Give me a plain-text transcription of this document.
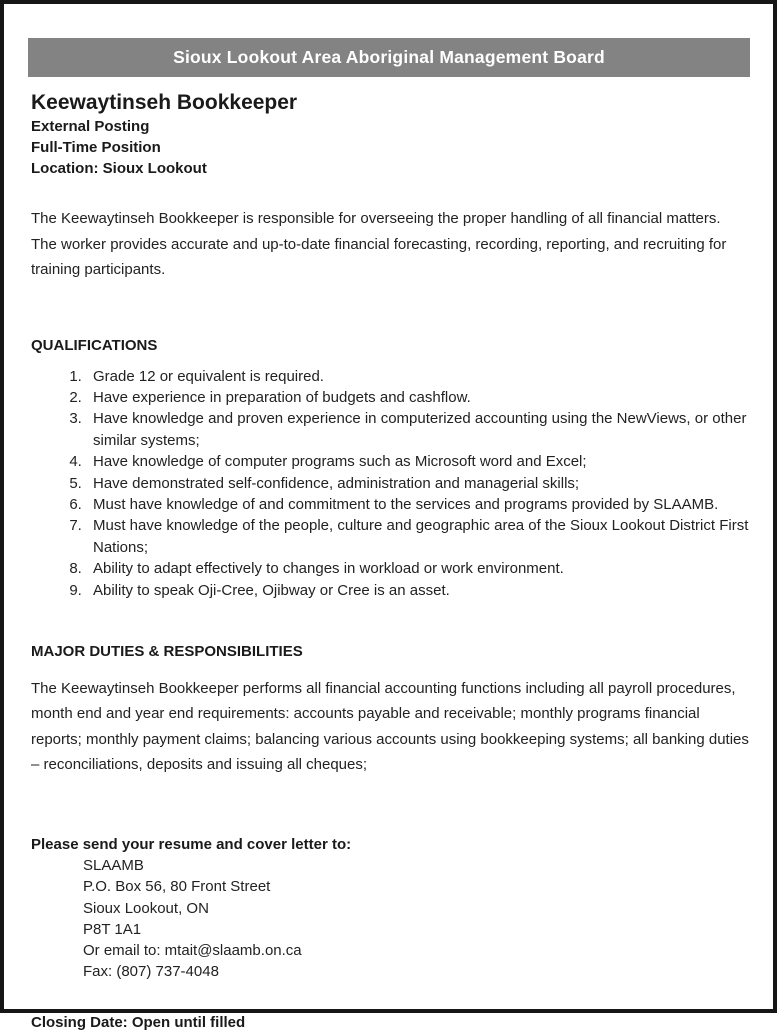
Sioux Lookout Area Aboriginal Management Board
Keewaytinseh Bookkeeper
External Posting
Full-Time Position
Location: Sioux Lookout

The Keewaytinseh Bookkeeper is responsible for overseeing the proper handling of all financial matters. The worker provides accurate and up-to-date financial forecasting, recording, reporting, and recruiting for training participants.

QUALIFICATIONS
1. Grade 12 or equivalent is required.
2. Have experience in preparation of budgets and cashflow.
3. Have knowledge and proven experience in computerized accounting using the NewViews, or other similar systems;
4. Have knowledge of computer programs such as Microsoft word and Excel;
5. Have demonstrated self-confidence, administration and managerial skills;
6. Must have knowledge of and commitment to the services and programs provided by SLAAMB.
7. Must have knowledge of the people, culture and geographic area of the Sioux Lookout District First Nations;
8. Ability to adapt effectively to changes in workload or work environment.
9. Ability to speak Oji-Cree, Ojibway or Cree is an asset.
MAJOR DUTIES & RESPONSIBILITIES

The Keewaytinseh Bookkeeper performs all financial accounting functions including all payroll procedures, month end and year end requirements: accounts payable and receivable; monthly programs financial reports; monthly payment claims; balancing various accounts using bookkeeping systems; all banking duties – reconciliations, deposits and issuing all cheques;

Please send your resume and cover letter to:
SLAAMB
P.O. Box 56, 80 Front Street
Sioux Lookout, ON
P8T 1A1
Or email to: mtait@slaamb.on.ca
Fax: (807) 737-4048
Closing Date: Open until filled
